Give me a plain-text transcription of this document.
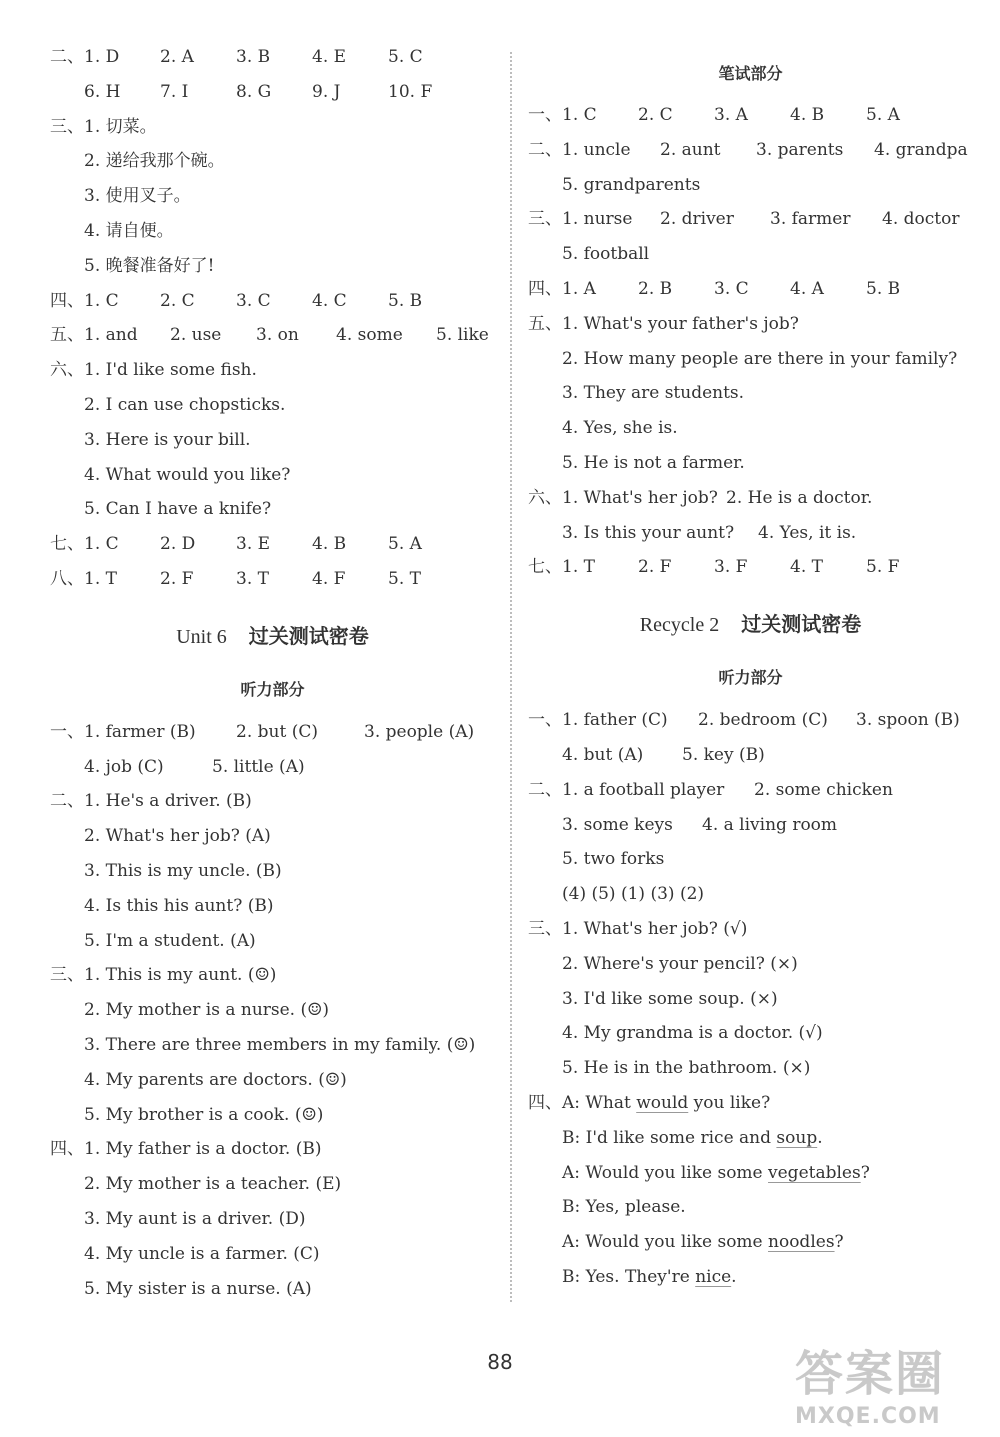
二、1. D 2. A 3. B 4. E 5. C
6. H 7. I	8. G 9. J	10. F
三、1. 切菜。
2. 递给我那个碗。
3. 使用叉子。
4. 请自便。
5. 晚餐准备好了!
四、1. C 2. C 3. C 4. C 5. B
五、1. and 2. use 3. on 4. some 5. like
六、1. I'd like some fish.
2. I can use chopsticks.
3. Here is your bill.
4. What would you like?
5. Can I have a knife?
七、1. C 2. D 3. E 4. B 5. A
八、1. T	2. F	3. T	4. F	5. T
Unit 6 过关测试密卷
听力部分
一、1. farmer (B) 2. but (C)	3. people (A)
4. job (C)	5. little (A)
二、1. He's a driver. (B)
2. What's her job? (A)
3. This is my uncle. (B)
4. Is this his aunt? (B)
5. I'm a student. (A)
三、1. This is my aunt. (☺)
2. My mother is a nurse. (☺)
3. There are three members in my family. (☺)
4. My parents are doctors. (☺)
5. My brother is a cook. (☺)
四、1. My father is a doctor. (B)
2. My mother is a teacher. (E)
3. My aunt is a driver. (D)
4. My uncle is a farmer. (C)
5. My sister is a nurse. (A)
笔试部分
一、1. C 2. C 3. A 4. B 5. A
二、1. uncle 2. aunt 3. parents 4. grandpa
5. grandparents
三、1. nurse 2. driver 3. farmer 4. doctor
5. football
四、1. A 2. B 3. C 4. A 5. B
五、1. What's your father's job?
2. How many people are there in your family?
3. They are students.
4. Yes, she is.
5. He is not a farmer.
六、1. What's her job? 2. He is a doctor.
3. Is this your aunt? 4. Yes, it is.
七、1. T	2. F	3. F	4. T	5. F
Recycle 2 过关测试密卷
听力部分
一、1. father (C) 2. bedroom (C) 3. spoon (B)
4. but (A) 5. key (B)
二、1. a football player 2. some chicken
3. some keys 4. a living room
5. two forks
(4) (5) (1) (3) (2)
三、1. What's her job? (√)
2. Where's your pencil? (×)
3. I'd like some soup. (×)
4. My grandma is a doctor. (√)
5. He is in the bathroom. (×)
四、A: What would you like?
B: I'd like some rice and soup.
A: Would you like some vegetables?
B: Yes, please.
A: Would you like some noodles?
B: Yes. They're nice.
88	答案圈
MXQE.COM
